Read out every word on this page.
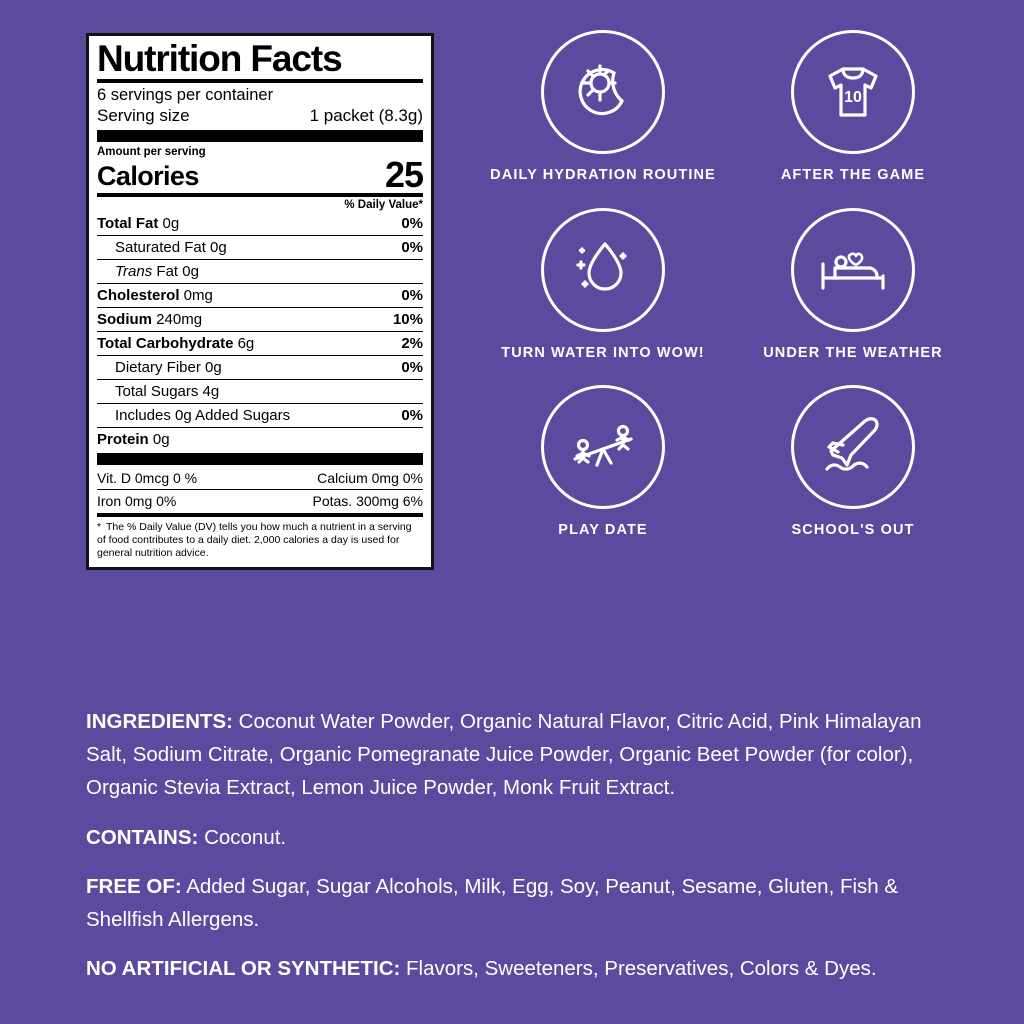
Nutrition Facts
6 servings per container
Serving size	1 packet (8.3g)
Amount per serving
Calories	25
% Daily Value*
Total Fat 0g	0%
Saturated Fat 0g	0%
Trans Fat 0g
Cholesterol 0mg	0%
Sodium 240mg	10%
Total Carbohydrate 6g	2%
Dietary Fiber 0g	0%
Total Sugars 4g
Includes 0g Added Sugars	0%
Protein 0g
Vit. D 0mcg 0 %	Calcium 0mg 0%
Iron 0mg 0%	Potas. 300mg 6%
* The % Daily Value (DV) tells you how much a nutrient in a serving of food contributes to a daily diet. 2,000 calories a day is used for general nutrition advice.
DAILY HYDRATION ROUTINE
10
AFTER THE GAME
TURN WATER INTO WOW!	UNDER THE WEATHER
PLAY DATE	SCHOOL'S OUT
INGREDIENTS: Coconut Water Powder, Organic Natural Flavor, Citric Acid, Pink Himalayan Salt, Sodium Citrate, Organic Pomegranate Juice Powder, Organic Beet Powder (for color), Organic Stevia Extract, Lemon Juice Powder, Monk Fruit Extract.
CONTAINS: Coconut.
FREE OF: Added Sugar, Sugar Alcohols, Milk, Egg, Soy, Peanut, Sesame, Gluten, Fish & Shellfish Allergens.
NO ARTIFICIAL OR SYNTHETIC: Flavors, Sweeteners, Preservatives, Colors & Dyes.
